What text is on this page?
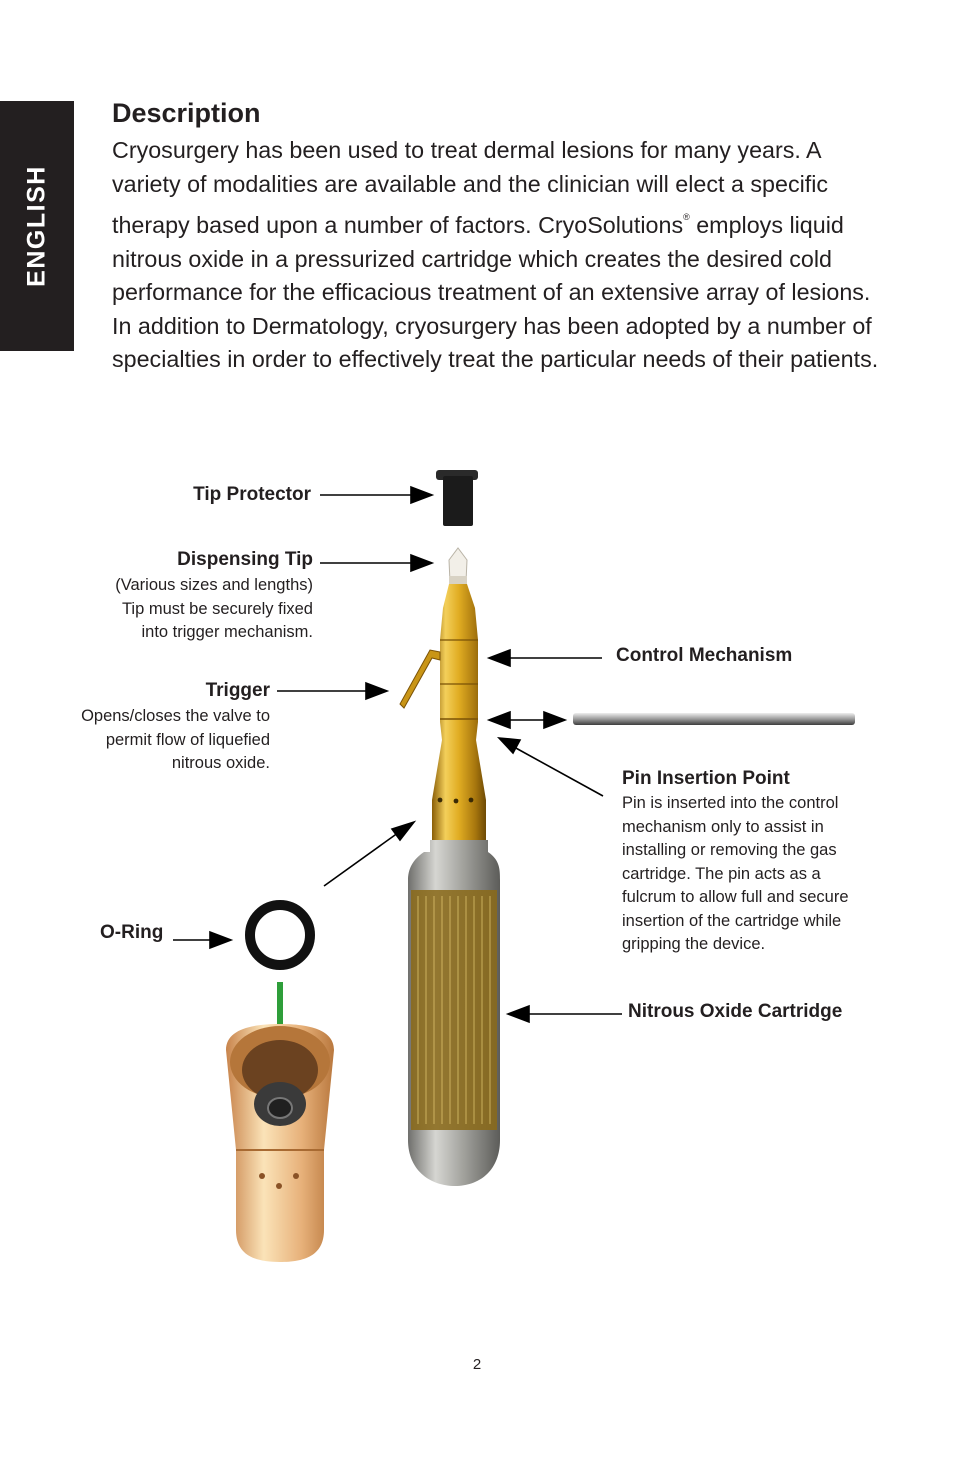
ENGLISH
Description

Cryosurgery has been used to treat dermal lesions for many years. A variety of modalities are available and the clinician will elect a specific therapy based upon a number of factors. CryoSolutions® employs liquid nitrous oxide in a pressurized cartridge which creates the desired cold performance for the efficacious treatment of an extensive array of lesions. In addition to Dermatology, cryosurgery has been adopted by a number of specialties in order to effectively treat the particular needs of their patients.

Tip Protector
Dispensing Tip
(Various sizes and lengths)
Tip must be securely fixed
into trigger mechanism.
Trigger
Opens/closes the valve to
permit flow of liquefied
nitrous oxide.
Control Mechanism
Pin Insertion Point
Pin is inserted into the control
mechanism only to assist in
installing or removing the gas
cartridge. The pin acts as a
fulcrum to allow full and secure
insertion of the cartridge while
gripping the device.
O-Ring
Nitrous Oxide Cartridge
2
